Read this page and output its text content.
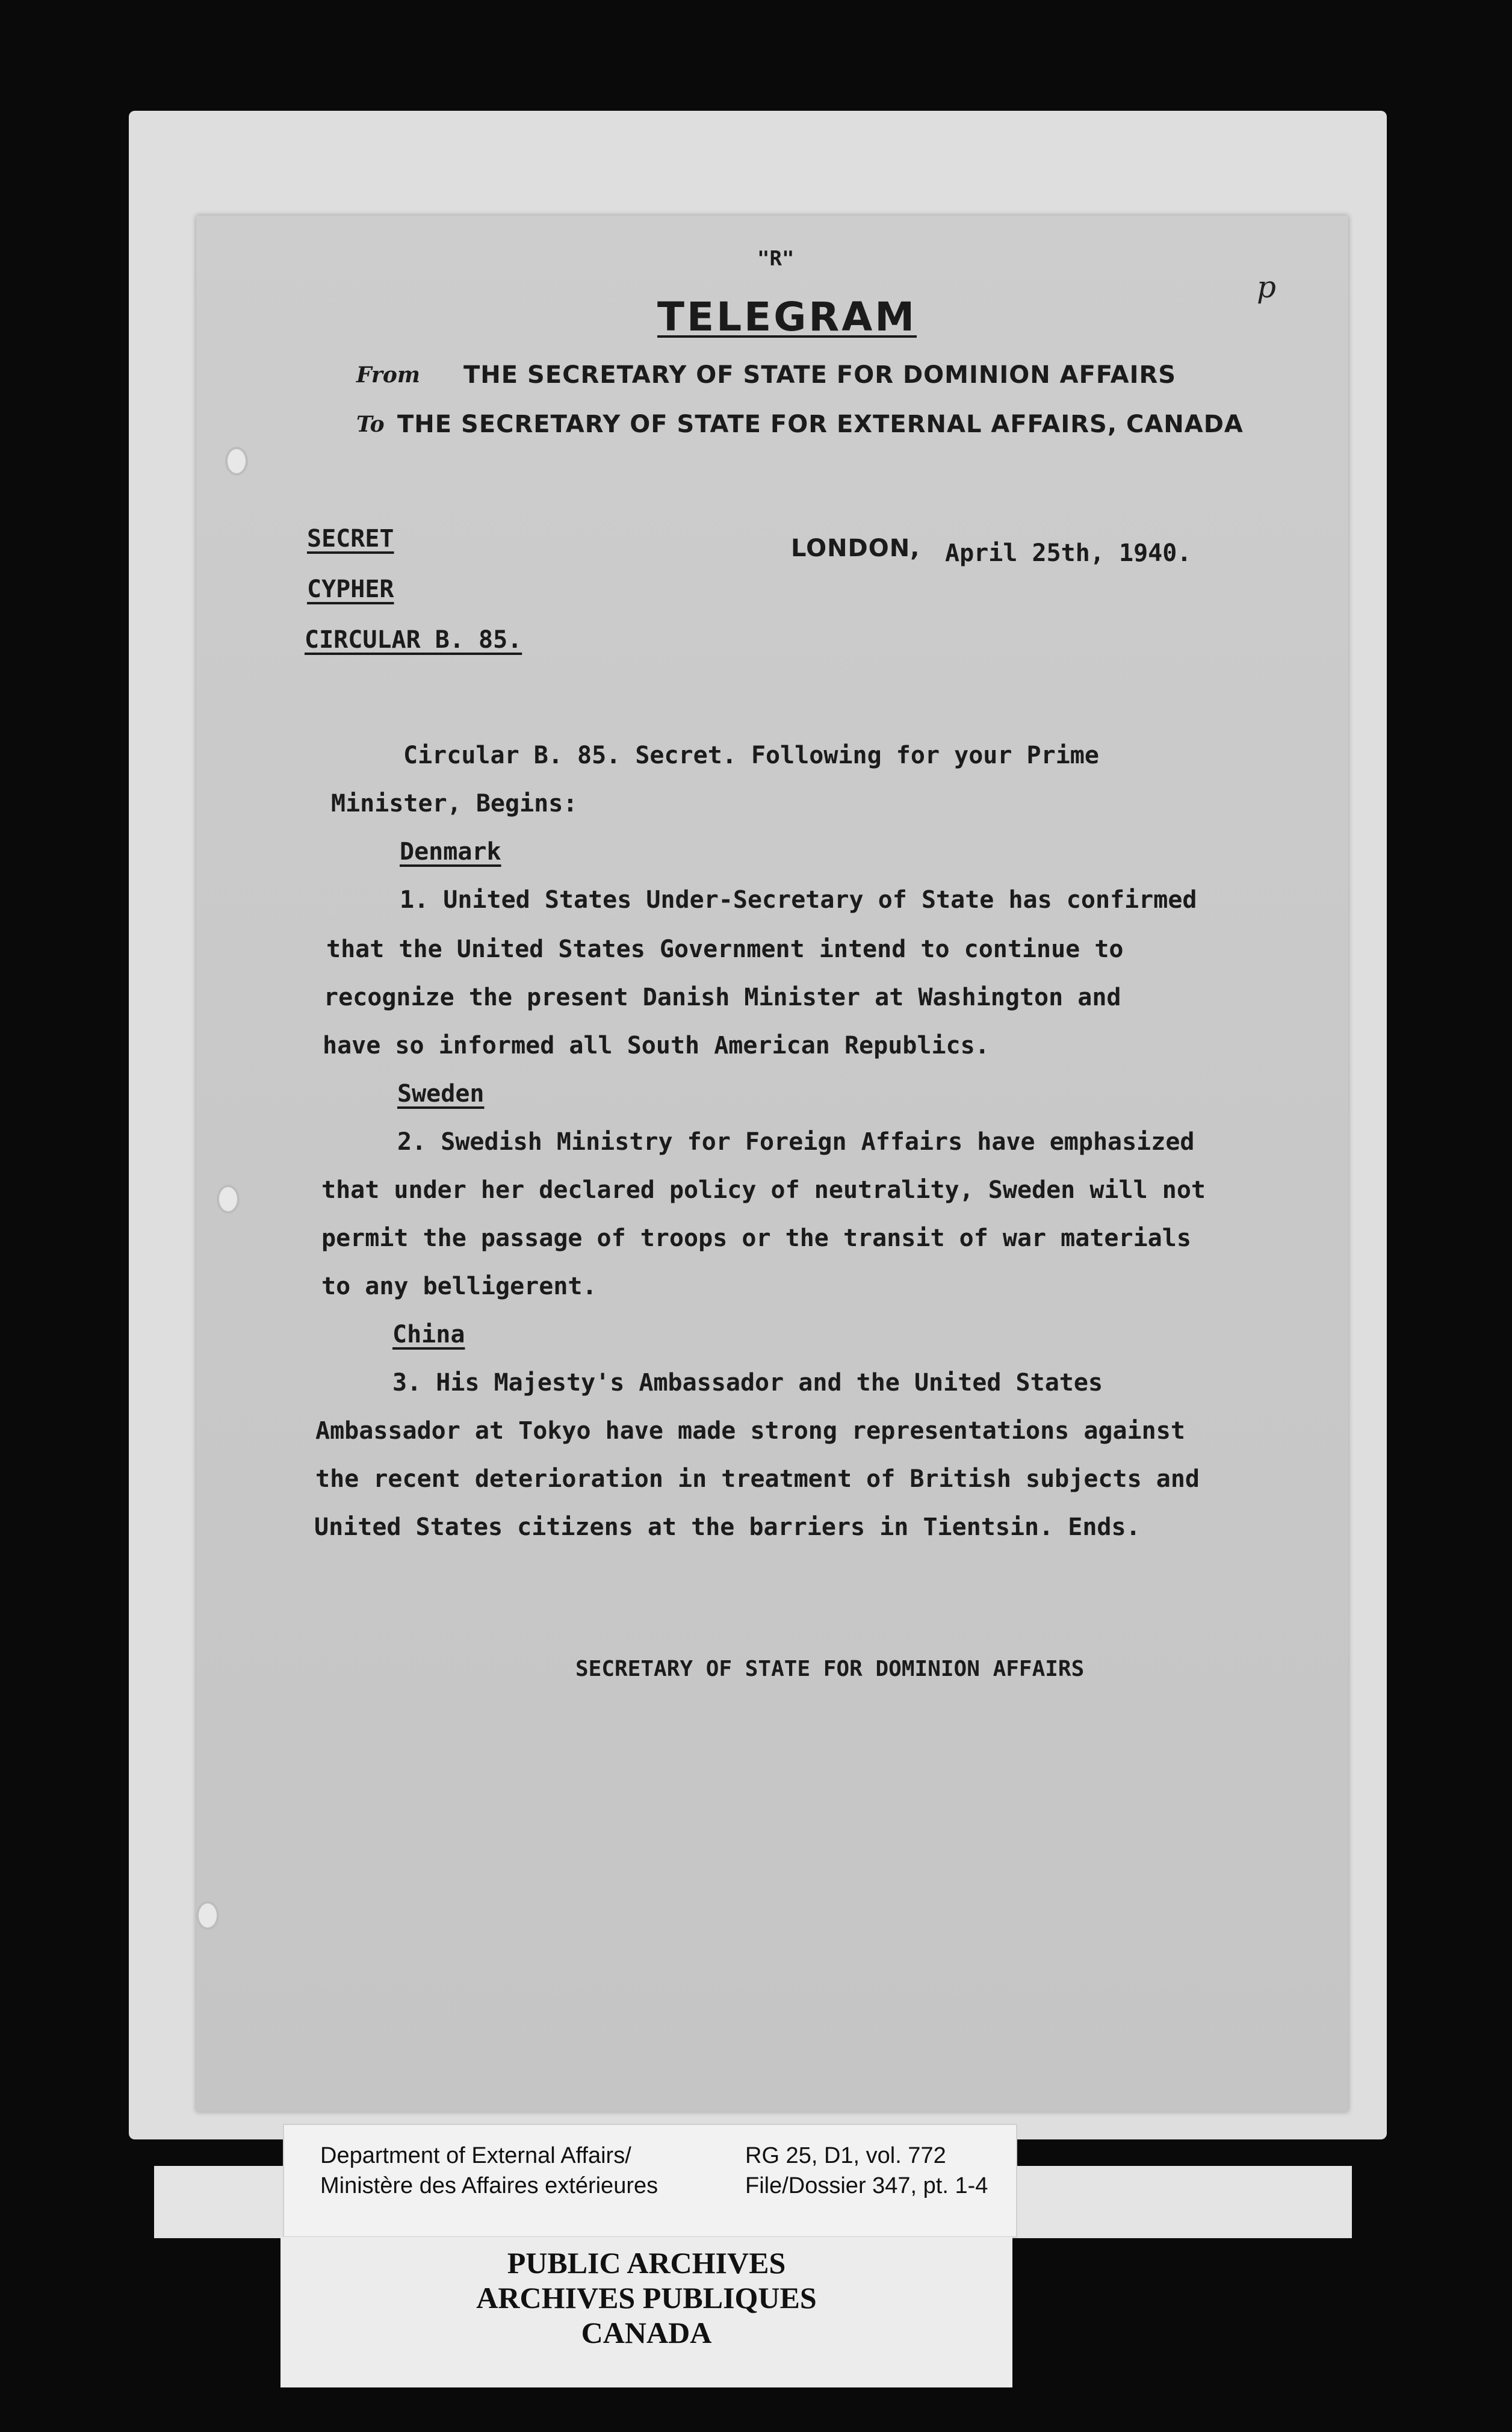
"R"

TELEGRAM

From THE SECRETARY OF STATE FOR DOMINION AFFAIRS

To THE SECRETARY OF STATE FOR EXTERNAL AFFAIRS, CANADA

SECRET

CYPHER

CIRCULAR B. 85.

LONDON, April 25th, 1940.

Circular B. 85. Secret. Following for your Prime

Minister, Begins:

Denmark

1. United States Under-Secretary of State has confirmed

that the United States Government intend to continue to

recognize the present Danish Minister at Washington and

have so informed all South American Republics.

Sweden

2. Swedish Ministry for Foreign Affairs have emphasized

that under her declared policy of neutrality, Sweden will not

permit the passage of troops or the transit of war materials

to any belligerent.

China

3. His Majesty's Ambassador and the United States

Ambassador at Tokyo have made strong representations against

the recent deterioration in treatment of British subjects and

United States citizens at the barriers in Tientsin. Ends.

SECRETARY OF STATE FOR DOMINION AFFAIRS

p

Department of External Affairs/

Ministère des Affaires extérieures

RG 25, D1, vol. 772

File/Dossier 347, pt. 1-4

PUBLIC ARCHIVES

ARCHIVES PUBLIQUES

CANADA
